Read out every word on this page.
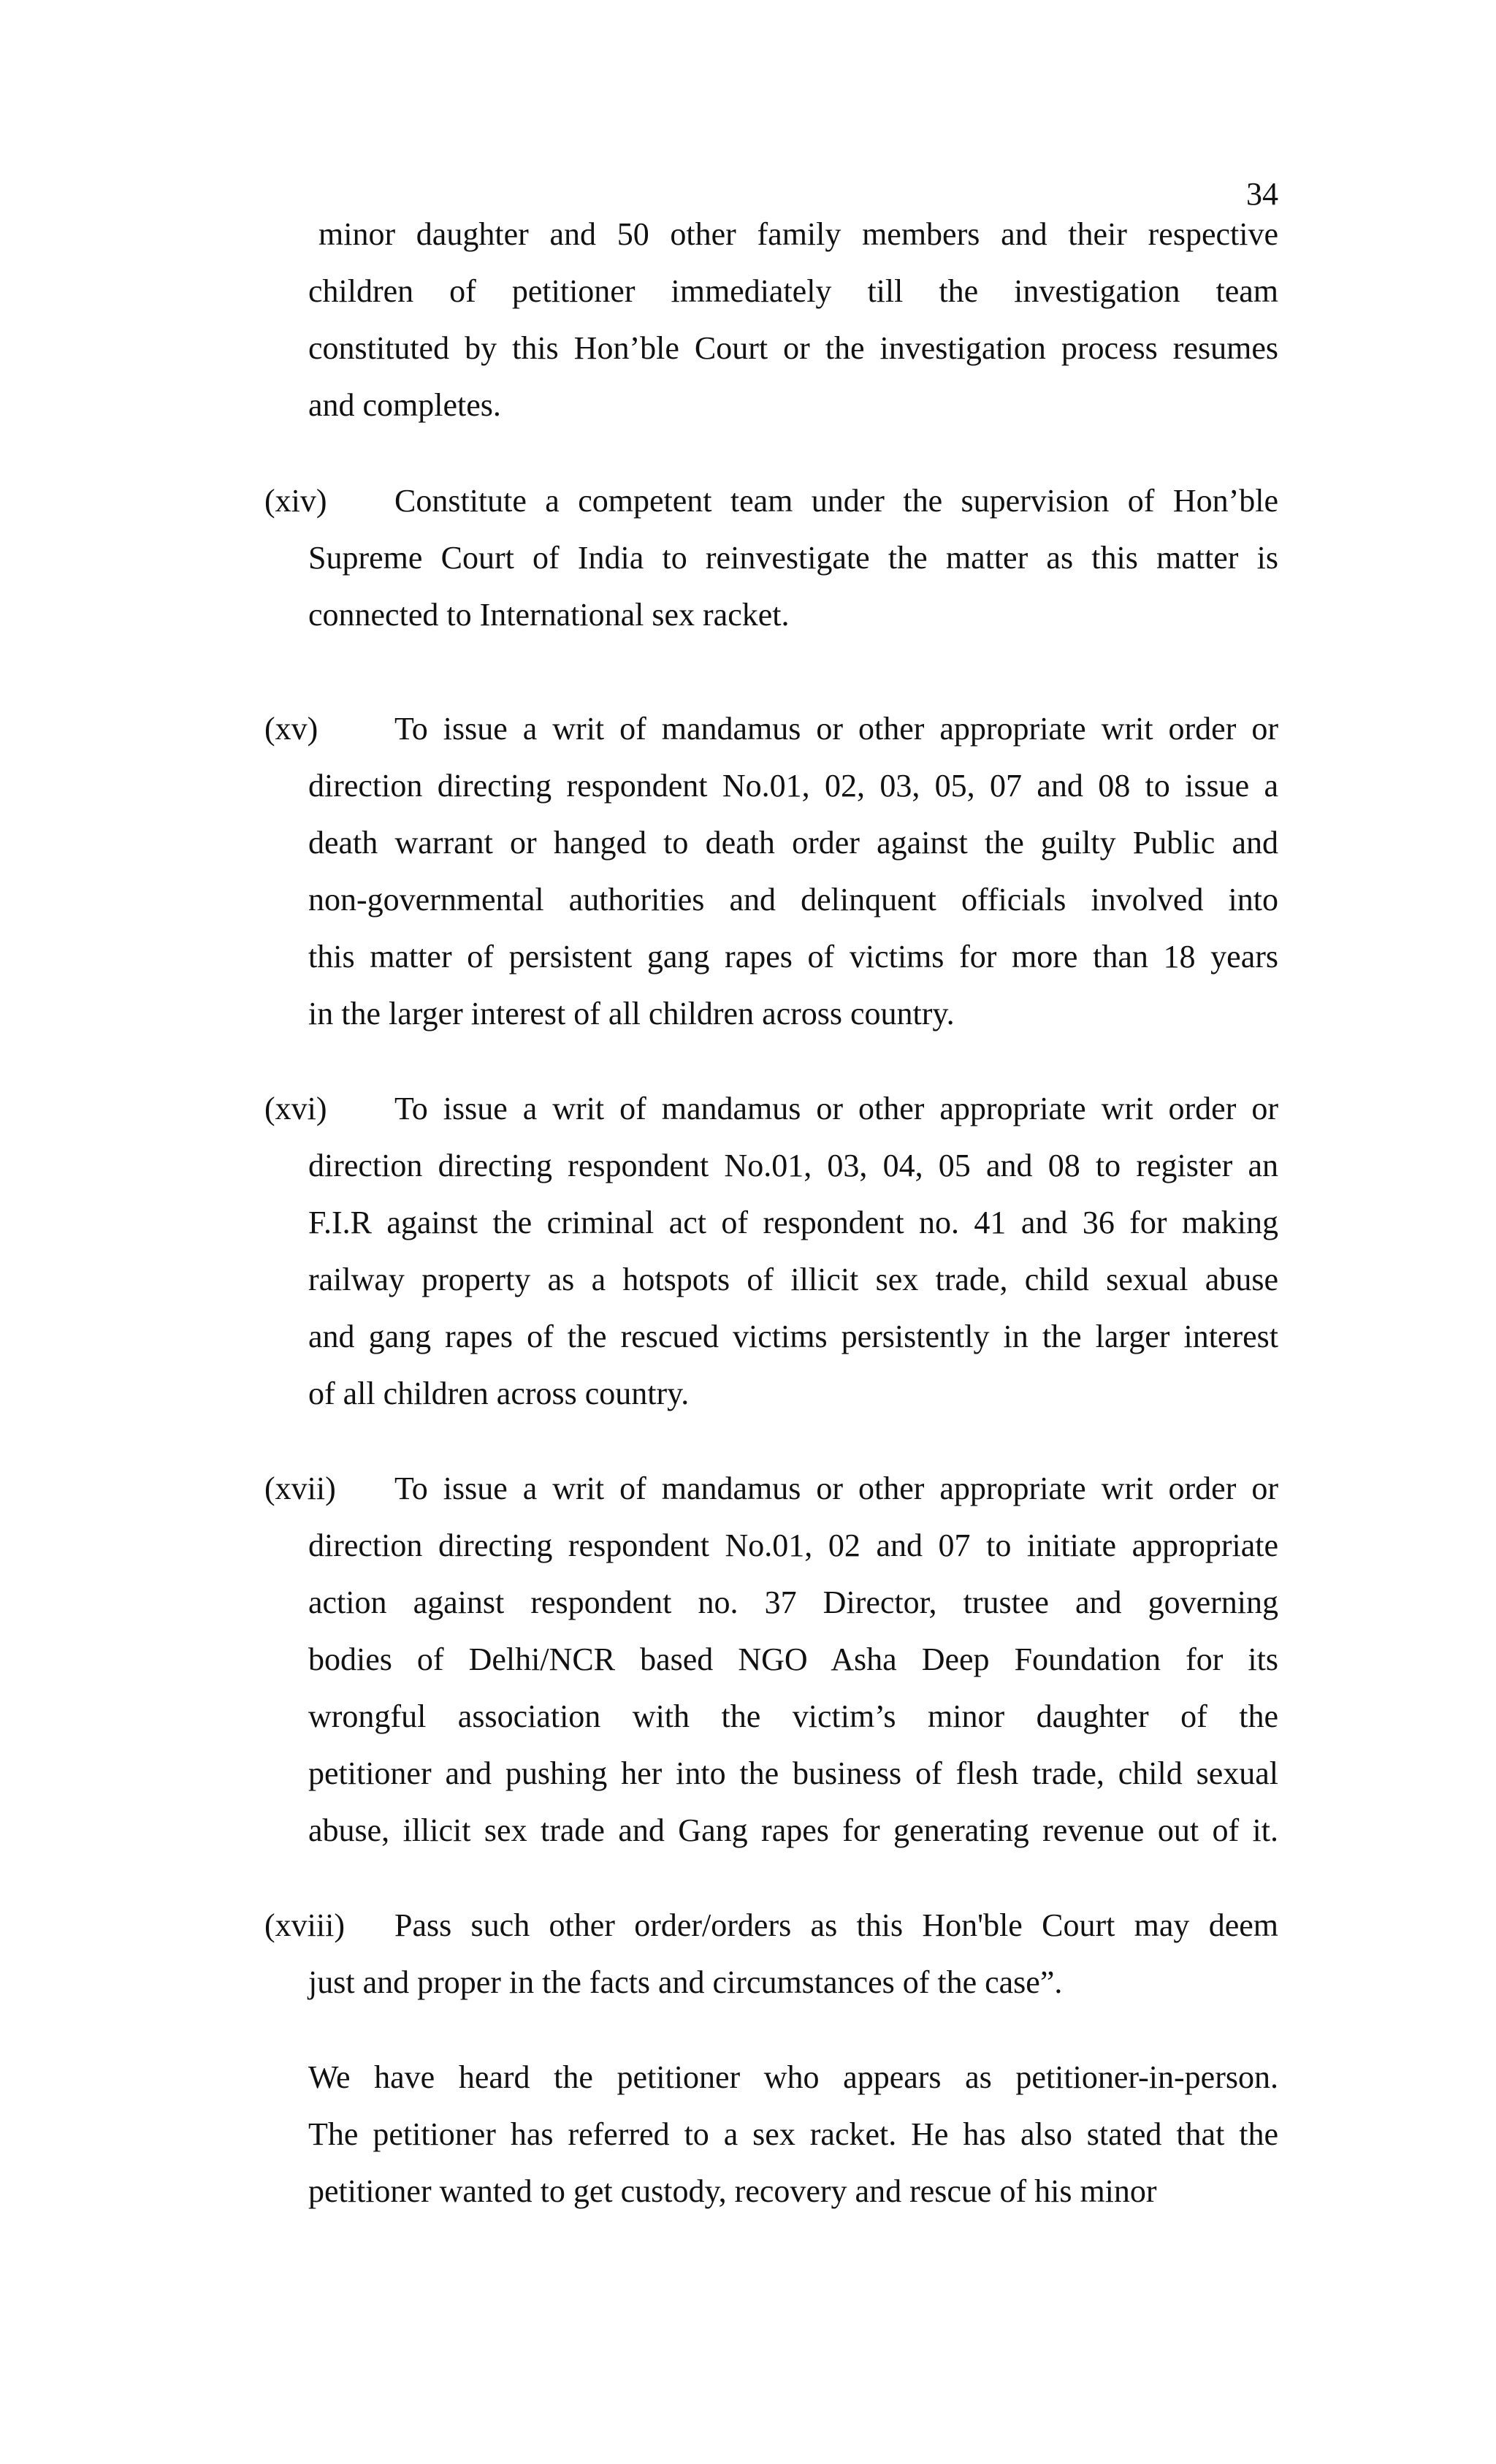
34
minor daughter and 50 other family members and their respective
children of petitioner immediately till the investigation team
constituted by this Hon’ble Court or the investigation process resumes
and completes.
(xiv) Constitute a competent team under the supervision of Hon’ble
Supreme Court of India to reinvestigate the matter as this matter is
connected to International sex racket.
(xv) To issue a writ of mandamus or other appropriate writ order or
direction directing respondent No.01, 02, 03, 05, 07 and 08 to issue a
death warrant or hanged to death order against the guilty Public and
non-governmental authorities and delinquent officials involved into
this matter of persistent gang rapes of victims for more than 18 years
in the larger interest of all children across country.
(xvi) To issue a writ of mandamus or other appropriate writ order or
direction directing respondent No.01, 03, 04, 05 and 08 to register an
F.I.R against the criminal act of respondent no. 41 and 36 for making
railway property as a hotspots of illicit sex trade, child sexual abuse
and gang rapes of the rescued victims persistently in the larger interest
of all children across country.
(xvii) To issue a writ of mandamus or other appropriate writ order or
direction directing respondent No.01, 02 and 07 to initiate appropriate
action against respondent no. 37 Director, trustee and governing
bodies of Delhi/NCR based NGO Asha Deep Foundation for its
wrongful association with the victim’s minor daughter of the
petitioner and pushing her into the business of flesh trade, child sexual
abuse, illicit sex trade and Gang rapes for generating revenue out of it.
(xviii) Pass such other order/orders as this Hon'ble Court may deem
just and proper in the facts and circumstances of the case”.
We have heard the petitioner who appears as petitioner-in-person.
The petitioner has referred to a sex racket. He has also stated that the
petitioner wanted to get custody, recovery and rescue of his minor
